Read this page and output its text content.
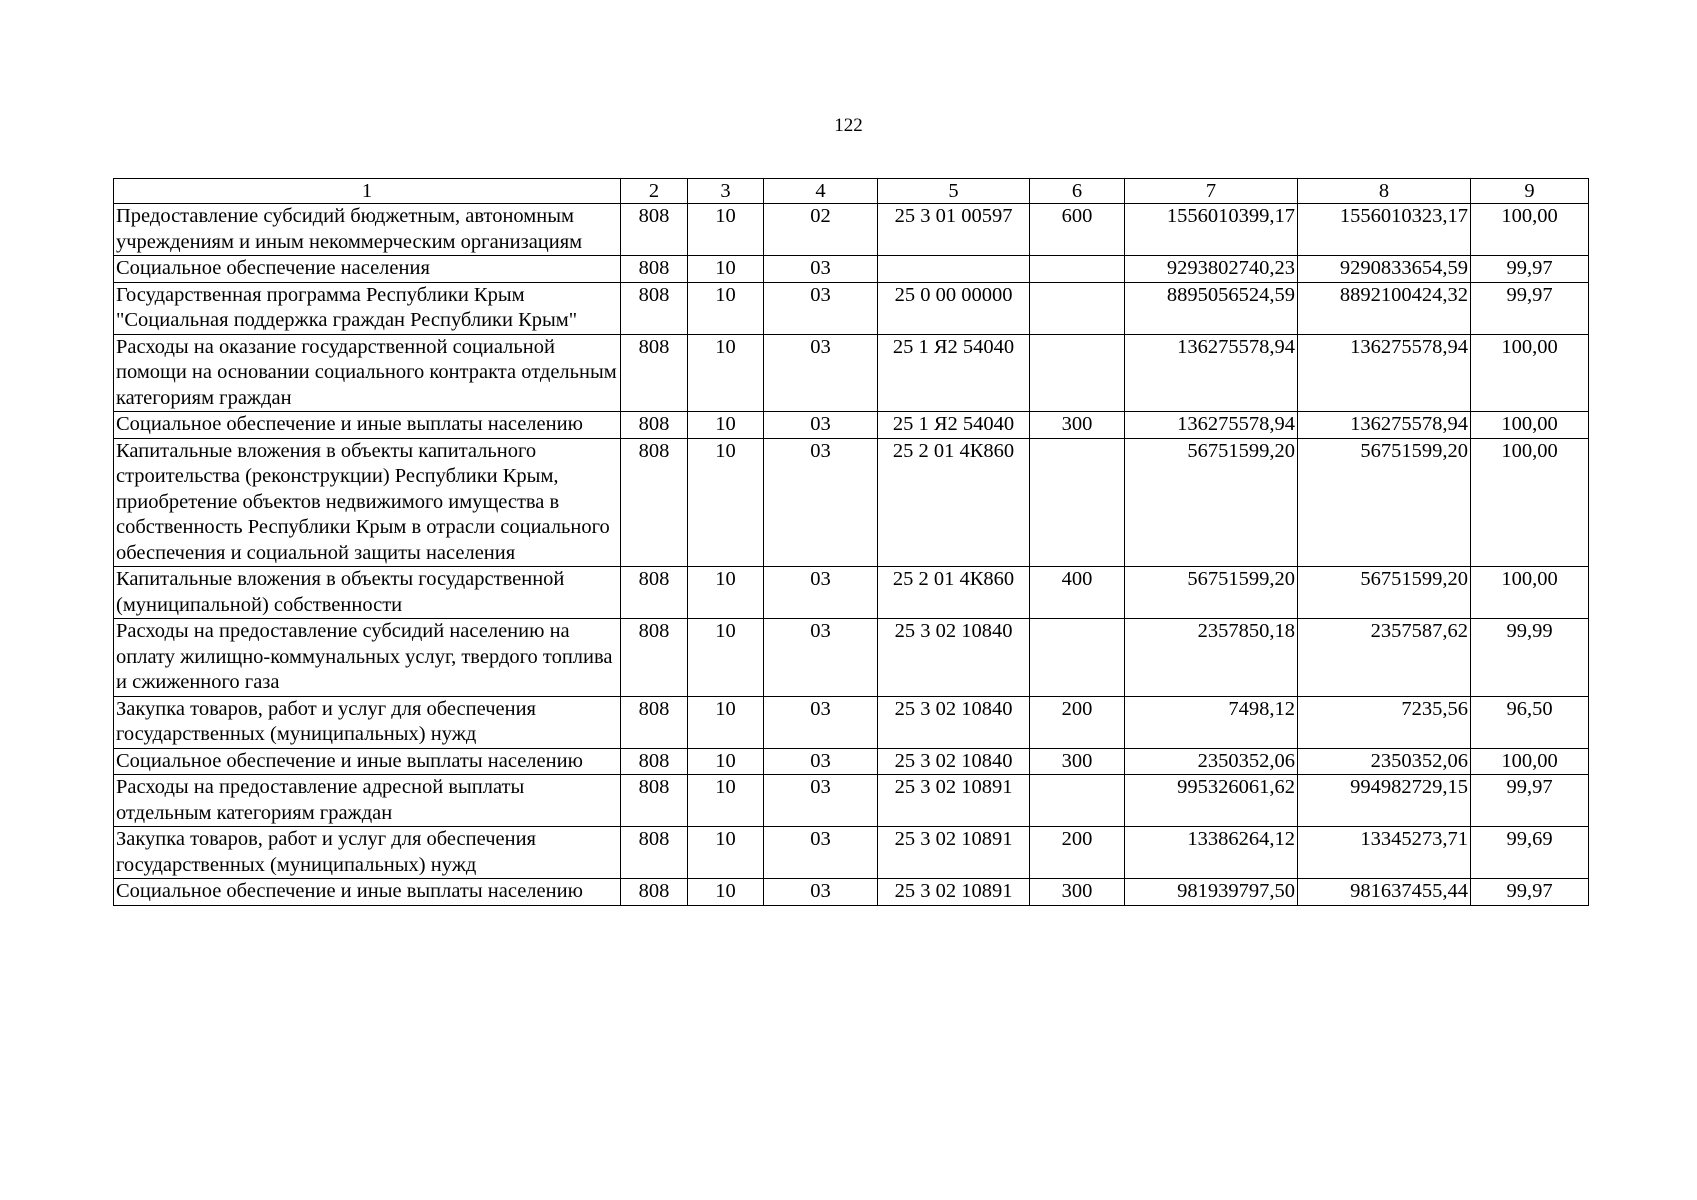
122
1	2	3	4	5	6	7	8	9
Предоставление субсидий бюджетным, автономным учреждениям и иным некоммерческим организациям	808	10	02	25 3 01 00597	600	1556010399,17	1556010323,17	100,00
Социальное обеспечение населения	808	10	03			9293802740,23	9290833654,59	99,97
Государственная программа Республики Крым "Социальная поддержка граждан Республики Крым"	808	10	03	25 0 00 00000		8895056524,59	8892100424,32	99,97
Расходы на оказание государственной социальной помощи на основании социального контракта отдельным категориям граждан	808	10	03	25 1 Я2 54040		136275578,94	136275578,94	100,00
Социальное обеспечение и иные выплаты населению	808	10	03	25 1 Я2 54040	300	136275578,94	136275578,94	100,00
Капитальные вложения в объекты капитального строительства (реконструкции) Республики Крым, приобретение объектов недвижимого имущества в собственность Республики Крым в отрасли социального обеспечения и социальной защиты населения	808	10	03	25 2 01 4К860		56751599,20	56751599,20	100,00
Капитальные вложения в объекты государственной (муниципальной) собственности	808	10	03	25 2 01 4К860	400	56751599,20	56751599,20	100,00
Расходы на предоставление субсидий населению на оплату жилищно-коммунальных услуг, твердого топлива и сжиженного газа	808	10	03	25 3 02 10840		2357850,18	2357587,62	99,99
Закупка товаров, работ и услуг для обеспечения государственных (муниципальных) нужд	808	10	03	25 3 02 10840	200	7498,12	7235,56	96,50
Социальное обеспечение и иные выплаты населению	808	10	03	25 3 02 10840	300	2350352,06	2350352,06	100,00
Расходы на предоставление адресной выплаты отдельным категориям граждан	808	10	03	25 3 02 10891		995326061,62	994982729,15	99,97
Закупка товаров, работ и услуг для обеспечения государственных (муниципальных) нужд	808	10	03	25 3 02 10891	200	13386264,12	13345273,71	99,69
Социальное обеспечение и иные выплаты населению	808	10	03	25 3 02 10891	300	981939797,50	981637455,44	99,97
